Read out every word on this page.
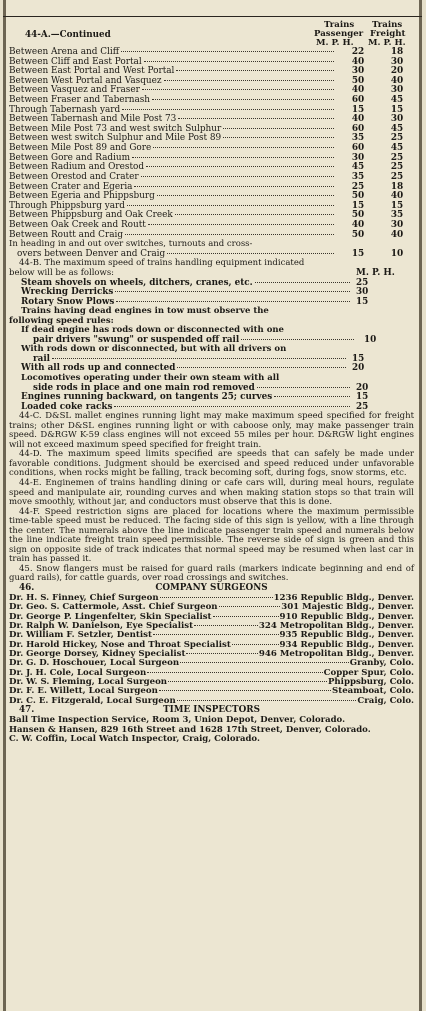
44-A.—Continued
Trains
Passenger
M. P. H.
Trains
Freight
M. P. H.
Between Arena and Cliff	22	18
Between Cliff and East Portal	40	30
Between East Portal and West Portal	30	20
Between West Portal and Vasquez	50	40
Between Vasquez and Fraser	40	30
Between Fraser and Tabernash	60	45
Through Tabernash yard	15	15
Between Tabernash and Mile Post 73	40	30
Between Mile Post 73 and west switch Sulphur	60	45
Between west switch Sulphur and Mile Post 89	35	25
Between Mile Post 89 and Gore	60	45
Between Gore and Radium	30	25
Between Radium and Orestod	45	25
Between Orestod and Crater	35	25
Between Crater and Egeria	25	18
Between Egeria and Phippsburg	50	40
Through Phippsburg yard	15	15
Between Phippsburg and Oak Creek	50	35
Between Oak Creek and Routt	40	30
Between Routt and Craig	50	40
In heading in and out over switches, turnouts and cross-
overs between Denver and Craig	15	10
44-B. The maximum speed of trains handling equipment indicated
below will be as follows:	M. P. H.
Steam shovels on wheels, ditchers, cranes, etc.	25
Wrecking Derricks	30
Rotary Snow Plows	15
Trains having dead engines in tow must observe the
following speed rules:
If dead engine has rods down or disconnected with one
pair drivers "swung" or suspended off rail	10
With rods down or disconnected, but with all drivers on
rail	15
With all rods up and connected	20
Locomotives operating under their own steam with all
side rods in place and one main rod removed	20
Engines running backward, on tangents 25; curves	15
Loaded coke racks	25
44-C. D&SL mallet engines running light may make maximum speed specified for freight trains; other D&SL engines running light or with caboose only, may make passenger train speed. D&RGW K-59 class engines will not exceed 55 miles per hour. D&RGW light engines will not exceed maximum speed specified for freight train.
44-D. The maximum speed limits specified are speeds that can safely be made under favorable conditions. Judgment should be exercised and speed reduced under unfavorable conditions, when rocks might be falling, track becoming soft, during fogs, snow storms, etc.
44-E. Enginemen of trains handling dining or cafe cars will, during meal hours, regulate speed and manipulate air, rounding curves and when making station stops so that train will move smoothly, without jar, and conductors must observe that this is done.
44-F. Speed restriction signs are placed for locations where the maximum permissible time-table speed must be reduced. The facing side of this sign is yellow, with a line through the center. The numerals above the line indicate passenger train speed and numerals below the line indicate freight train speed permissible. The reverse side of sign is green and this sign on opposite side of track indicates that normal speed may be resumed when last car in train has passed it.
45. Snow flangers must be raised for guard rails (markers indicate beginning and end of guard rails), for cattle guards, over road crossings and switches.
46.	COMPANY SURGEONS
Dr. H. S. Finney, Chief Surgeon	1236 Republic Bldg., Denver.
Dr. Geo. S. Cattermole, Asst. Chief Surgeon	301 Majestic Bldg., Denver.
Dr. George P. Lingenfelter, Skin Specialist	910 Republic Bldg., Denver.
Dr. Ralph W. Danielson, Eye Specialist	324 Metropolitan Bldg., Denver.
Dr. William F. Setzler, Dentist	935 Republic Bldg., Denver.
Dr. Harold Hickey, Nose and Throat Specialist	934 Republic Bldg., Denver.
Dr. George Dorsey, Kidney Specialist	946 Metropolitan Bldg., Denver.
Dr. G. D. Hoschouer, Local Surgeon	Granby, Colo.
Dr. J. H. Cole, Local Surgeon	Copper Spur, Colo.
Dr. W. S. Fleming, Local Surgeon	Phippsburg, Colo.
Dr. F. E. Willett, Local Surgeon	Steamboat, Colo.
Dr. C. E. Fitzgerald, Local Surgeon	Craig, Colo.
47.	TIME INSPECTORS
Ball Time Inspection Service, Room 3, Union Depot, Denver, Colorado.
Hansen & Hansen, 829 16th Street and 1628 17th Street, Denver, Colorado.
C. W. Coffin, Local Watch Inspector, Craig, Colorado.
